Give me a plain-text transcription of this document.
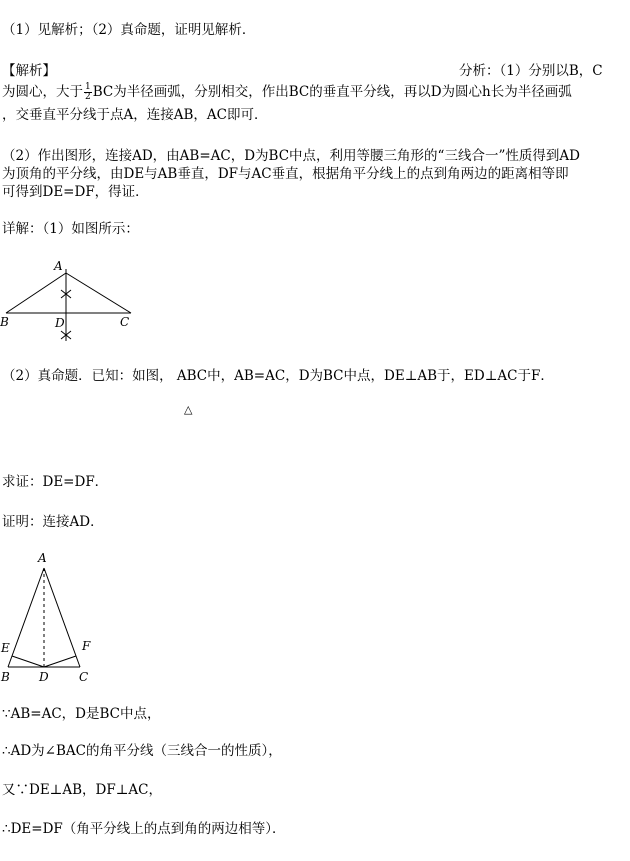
（1）见解析；（2）真命题，证明见解析．
【解析】	分析：（1）分别以B，C
为圆心，大于 $\frac{1}{2}$ BC为半径画弧，分别相交，作出BC的垂直平分线，再以D为圆心h长为半径画弧
，交垂直平分线于点A，连接AB，AC即可．
（2）作出图形，连接AD，由AB=AC，D为BC中点，利用等腰三角形的“三线合一”性质得到AD
为顶角的平分线，由DE与AB垂直，DF与AC垂直，根据角平分线上的点到角两边的距离相等即
可得到DE=DF，得证．
详解：（1）如图所示：
A
B	D	C
（2）真命题．已知：如图， ABC中，AB=AC，D为BC中点，DE⊥AB于，ED⊥AC于F．
△
求证：DE=DF．
证明：连接AD．
A
E	F
B D	C
∵AB=AC，D是BC中点，
∴AD为∠BAC的角平分线（三线合一的性质），
又∵DE⊥AB，DF⊥AC，
∴DE=DF（角平分线上的点到角的两边相等）．
